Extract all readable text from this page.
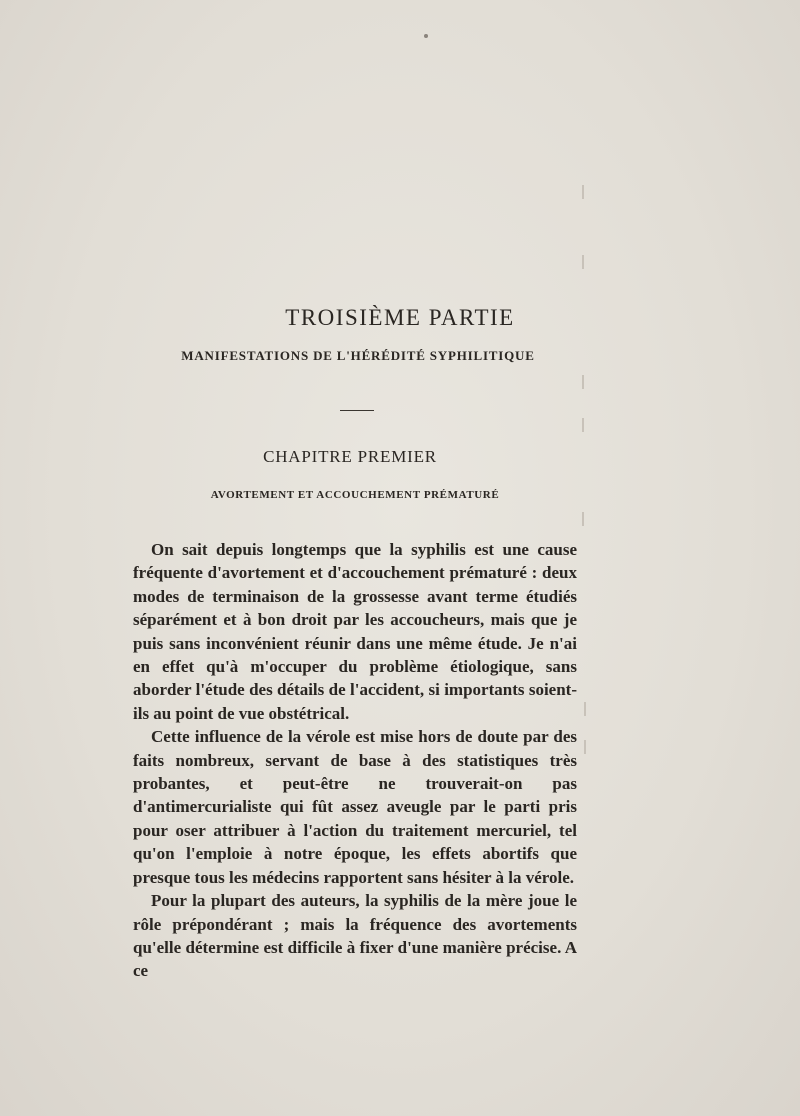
TROISIÈME PARTIE
MANIFESTATIONS DE L'HÉRÉDITÉ SYPHILITIQUE
CHAPITRE PREMIER
AVORTEMENT ET ACCOUCHEMENT PRÉMATURÉ

On sait depuis longtemps que la syphilis est une cause fréquente d'avortement et d'accouchement prématuré : deux modes de terminaison de la grossesse avant terme étudiés séparément et à bon droit par les accoucheurs, mais que je puis sans inconvénient réunir dans une même étude. Je n'ai en effet qu'à m'occuper du problème étiologique, sans aborder l'étude des détails de l'accident, si importants soient-ils au point de vue obstétrical.

Cette influence de la vérole est mise hors de doute par des faits nombreux, servant de base à des statistiques très probantes, et peut-être ne trouverait-on pas d'antimercurialiste qui fût assez aveugle par le parti pris pour oser attribuer à l'action du traitement mercuriel, tel qu'on l'emploie à notre époque, les effets abortifs que presque tous les médecins rapportent sans hésiter à la vérole.

Pour la plupart des auteurs, la syphilis de la mère joue le rôle prépondérant ; mais la fréquence des avortements qu'elle détermine est difficile à fixer d'une manière précise. A ce
